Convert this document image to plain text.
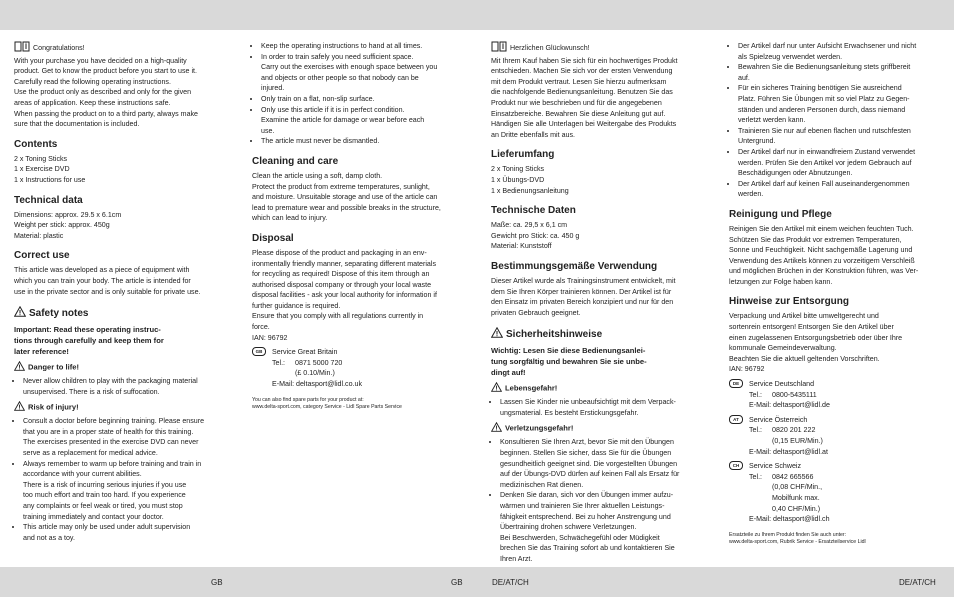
Congratulations!

With your purchase you have decided on a high-quality

product. Get to know the product before you start to use it.

Carefully read the following operating instructions.

Use the product only as described and only for the given

areas of application. Keep these instructions safe.

When passing the product on to a third party, always make

sure that the documentation is included.

Contents

2 x Toning Sticks

1 x Exercise DVD

1 x Instructions for use

Technical data

Dimensions: approx. 29.5 x 6.1cm

Weight per stick: approx. 450g

Material: plastic

Correct use

This article was developed as a piece of equipment with

which you can train your body. The article is intended for

use in the private sector and is only suitable for private use.

Safety notes

Important: Read these operating instruc-

tions through carefully and keep them for

later reference!

Danger to life!
• Never allow children to play with the packaging material
unsupervised. There is a risk of suffocation.
Risk of injury!
• Consult a doctor before beginning training. Please ensure
that you are in a proper state of health for this training.
The exercises presented in the exercise DVD can never
serve as a replacement for medical advice.
• Always remember to warm up before training and train in
accordance with your current abilities.
There is a risk of incurring serious injuries if you use
too much effort and train too hard. If you experience
any complaints or feel weak or tired, you must stop
training immediately and contact your doctor.
• This article may only be used under adult supervision
and not as a toy.
• Keep the operating instructions to hand at all times.
• In order to train safely you need sufficient space.
Carry out the exercises with enough space between you
and objects or other people so that nobody can be
injured.
• Only train on a flat, non-slip surface.
• Only use this article if it is in perfect condition.
Examine the article for damage or wear before each
use.
• The article must never be dismantled.
Cleaning and care

Clean the article using a soft, damp cloth.

Protect the product from extreme temperatures, sunlight,

and moisture. Unsuitable storage and use of the article can

lead to premature wear and possible breaks in the structure,

which can lead to injury.

Disposal

Please dispose of the product and packaging in an env-

ironmentally friendly manner, separating different materials

for recycling as required! Dispose of this item through an

authorised disposal company or through your local waste

disposal facilities - ask your local authority for information if

further guidance is required.

Ensure that you comply with all regulations currently in

force.

IAN: 96792

GB	Service Great Britain

Tel.:	0871 5000 720
(£ 0.10/Min.)

E-Mail: deltasport@lidl.co.uk

You can also find spare parts for your product at:

www.delta-sport.com, category Service - Lidl Spare Parts Service

Herzlichen Glückwunsch!

Mit Ihrem Kauf haben Sie sich für ein hochwertiges Produkt

entschieden. Machen Sie sich vor der ersten Verwendung

mit dem Produkt vertraut. Lesen Sie hierzu aufmerksam

die nachfolgende Bedienungsanleitung. Benutzen Sie das

Produkt nur wie beschrieben und für die angegebenen

Einsatzbereiche. Bewahren Sie diese Anleitung gut auf.

Händigen Sie alle Unterlagen bei Weitergabe des Produkts

an Dritte ebenfalls mit aus.

Lieferumfang

2 x Toning Sticks

1 x Übungs-DVD

1 x Bedienungsanleitung

Technische Daten

Maße: ca. 29,5 x 6,1 cm

Gewicht pro Stick: ca. 450 g

Material: Kunststoff

Bestimmungsgemäße Verwendung

Dieser Artikel wurde als Trainingsinstrument entwickelt, mit

dem Sie Ihren Körper trainieren können. Der Artikel ist für

den Einsatz im privaten Bereich konzipiert und nur für den

privaten Gebrauch geeignet.

Sicherheitshinweise

Wichtig: Lesen Sie diese Bedienungsanlei-

tung sorgfältig und bewahren Sie sie unbe-

dingt auf!

Lebensgefahr!
• Lassen Sie Kinder nie unbeaufsichtigt mit dem Verpack-
ungsmaterial. Es besteht Erstickungsgefahr.
Verletzungsgefahr!
• Konsultieren Sie Ihren Arzt, bevor Sie mit den Übungen
beginnen. Stellen Sie sicher, dass Sie für die Übungen
gesundheitlich geeignet sind. Die vorgestellten Übungen
auf der Übungs-DVD dürfen auf keinen Fall als Ersatz für
medizinischen Rat dienen.
• Denken Sie daran, sich vor den Übungen immer aufzu-
wärmen und trainieren Sie Ihrer aktuellen Leistungs-
fähigkeit entsprechend. Bei zu hoher Anstrengung und
Übertraining drohen schwere Verletzungen.
Bei Beschwerden, Schwächegefühl oder Müdigkeit
brechen Sie das Training sofort ab und kontaktieren Sie
Ihren Arzt.
• Der Artikel darf nur unter Aufsicht Erwachsener und nicht
als Spielzeug verwendet werden.
• Bewahren Sie die Bedienungsanleitung stets griffbereit
auf.
• Für ein sicheres Training benötigen Sie ausreichend
Platz. Führen Sie Übungen mit so viel Platz zu Gegen-
ständen und anderen Personen durch, dass niemand
verletzt werden kann.
• Trainieren Sie nur auf ebenen flachen und rutschfesten
Untergrund.
• Der Artikel darf nur in einwandfreiem Zustand verwendet
werden. Prüfen Sie den Artikel vor jedem Gebrauch auf
Beschädigungen oder Abnutzungen.
• Der Artikel darf auf keinen Fall auseinandergenommen
werden.
Reinigung und Pflege

Reinigen Sie den Artikel mit einem weichen feuchten Tuch.

Schützen Sie das Produkt vor extremen Temperaturen,

Sonne und Feuchtigkeit. Nicht sachgemäße Lagerung und

Verwendung des Artikels können zu vorzeitigem Verschleiß

und möglichen Brüchen in der Konstruktion führen, was Ver-

letzungen zur Folge haben kann.

Hinweise zur Entsorgung

Verpackung und Artikel bitte umweltgerecht und

sortenrein entsorgen! Entsorgen Sie den Artikel über

einen zugelassenen Entsorgungsbetrieb oder über Ihre

kommunale Gemeindeverwaltung.

Beachten Sie die aktuell geltenden Vorschriften.

IAN: 96792

DE	Service Deutschland

Tel.:	0800-5435111

E-Mail: deltasport@lidl.de

AT	Service Österreich

Tel.:	0820 201 222
(0,15 EUR/Min.)

E-Mail: deltasport@lidl.at

CH	Service Schweiz

Tel.:	0842 665566
(0,08 CHF/Min.,
Mobilfunk max.
0,40 CHF/Min.)

E-Mail: deltasport@lidl.ch

Ersatzteile zu Ihrem Produkt finden Sie auch unter:

www.delta-sport.com, Rubrik Service - Ersatzteilservice Lidl

GB	GB	DE/AT/CH	DE/AT/CH
